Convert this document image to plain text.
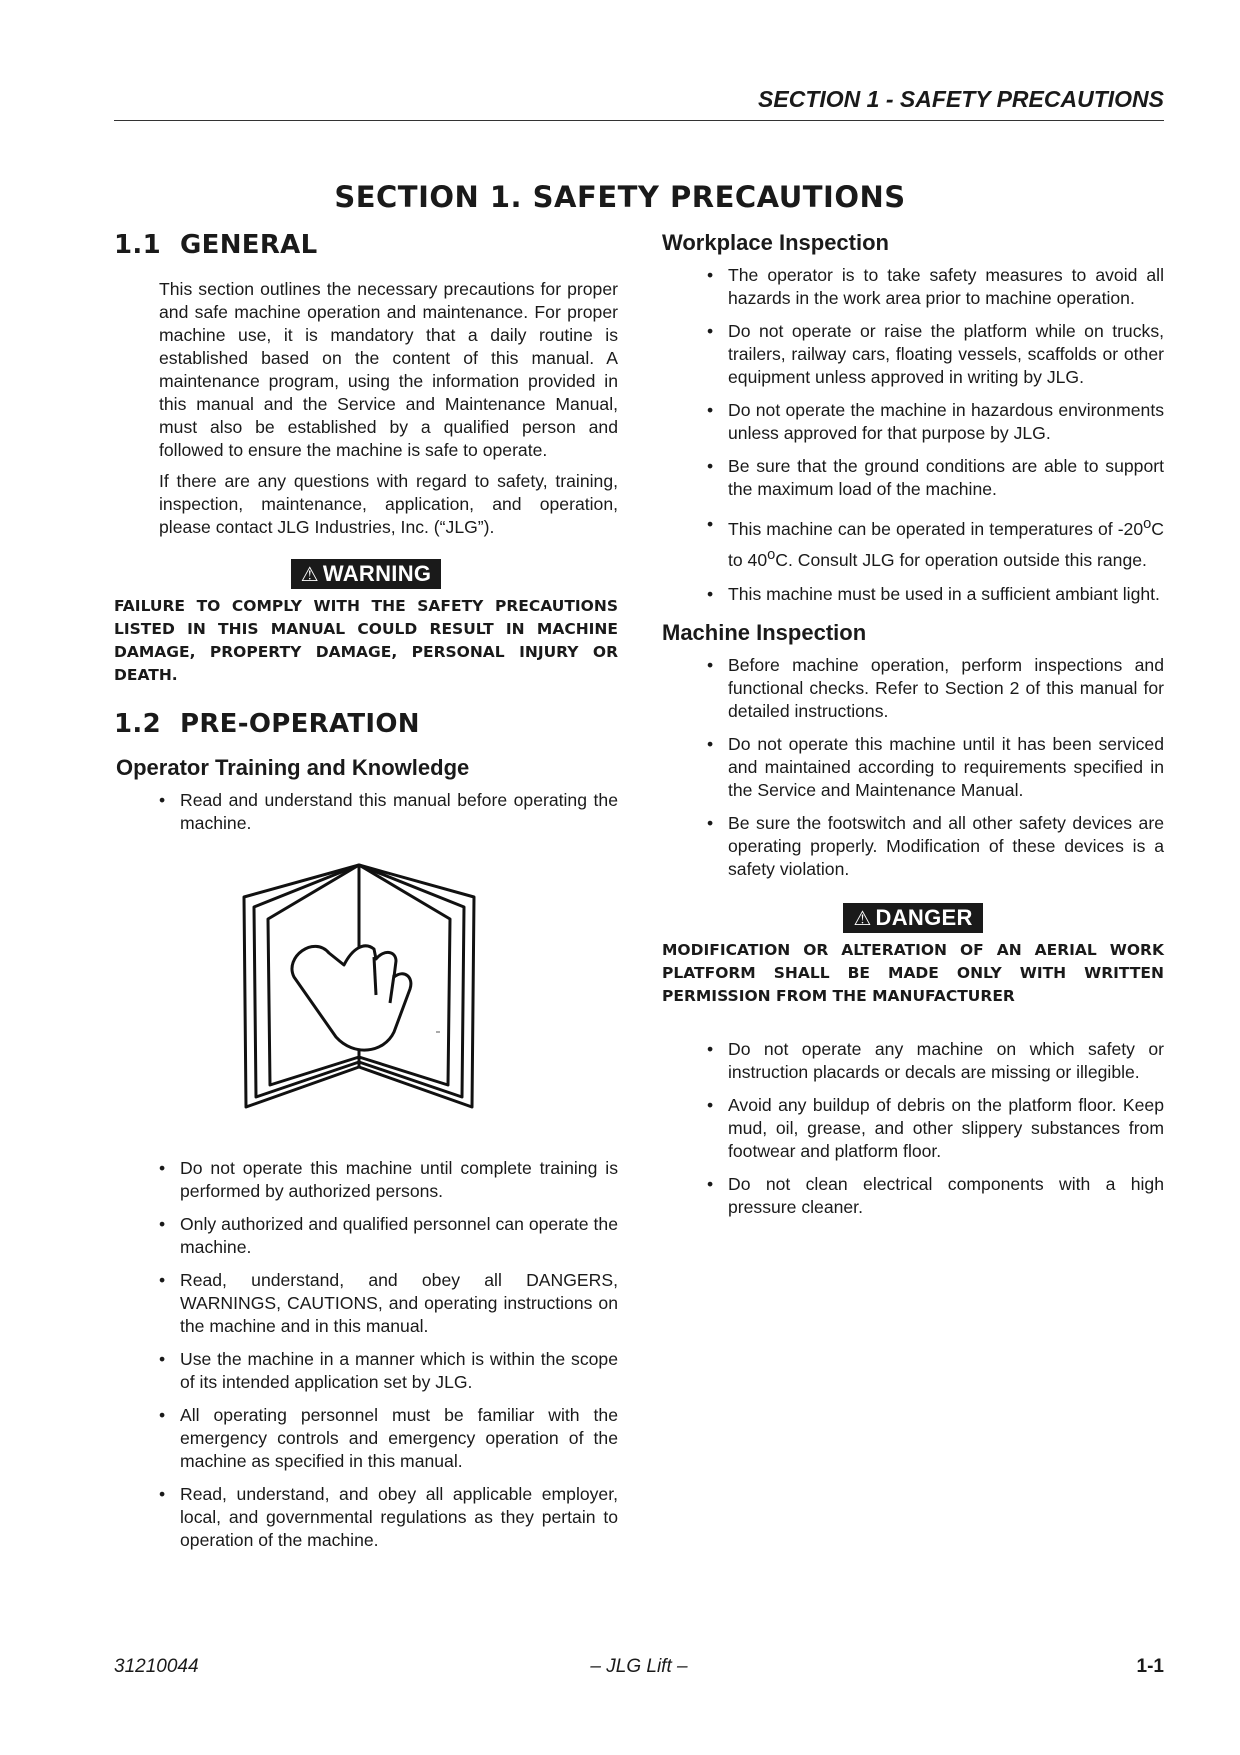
SECTION 1 - SAFETY PRECAUTIONS
SECTION 1. SAFETY PRECAUTIONS
1.1 GENERAL

This section outlines the necessary precautions for proper and safe machine operation and maintenance. For proper machine use, it is mandatory that a daily routine is established based on the content of this manual. A maintenance program, using the information provided in this manual and the Service and Maintenance Manual, must also be established by a qualified person and followed to ensure the machine is safe to operate.

If there are any questions with regard to safety, training, inspection, maintenance, application, and operation, please contact JLG Industries, Inc. (“JLG”).

⚠ WARNING

FAILURE TO COMPLY WITH THE SAFETY PRECAUTIONS LISTED IN THIS MANUAL COULD RESULT IN MACHINE DAMAGE, PROPERTY DAMAGE, PERSONAL INJURY OR DEATH.

1.2 PRE-OPERATION
Operator Training and Knowledge
• Read and understand this manual before operating the machine.
• Do not operate this machine until complete training is performed by authorized persons.
• Only authorized and qualified personnel can operate the machine.
• Read, understand, and obey all DANGERS, WARNINGS, CAUTIONS, and operating instructions on the machine and in this manual.
• Use the machine in a manner which is within the scope of its intended application set by JLG.
• All operating personnel must be familiar with the emergency controls and emergency operation of the machine as specified in this manual.
• Read, understand, and obey all applicable employer, local, and governmental regulations as they pertain to operation of the machine.
Workplace Inspection
• The operator is to take safety measures to avoid all hazards in the work area prior to machine operation.
• Do not operate or raise the platform while on trucks, trailers, railway cars, floating vessels, scaffolds or other equipment unless approved in writing by JLG.
• Do not operate the machine in hazardous environments unless approved for that purpose by JLG.
• Be sure that the ground conditions are able to support the maximum load of the machine.
• This machine can be operated in temperatures of -20$^o$C to 40$^o$C. Consult JLG for operation outside this range.
• This machine must be used in a sufficient ambiant light.
Machine Inspection
• Before machine operation, perform inspections and functional checks. Refer to Section 2 of this manual for detailed instructions.
• Do not operate this machine until it has been serviced and maintained according to requirements specified in the Service and Maintenance Manual.
• Be sure the footswitch and all other safety devices are operating properly. Modification of these devices is a safety violation.
⚠ DANGER

MODIFICATION OR ALTERATION OF AN AERIAL WORK PLATFORM SHALL BE MADE ONLY WITH WRITTEN PERMISSION FROM THE MANUFACTURER

• Do not operate any machine on which safety or instruction placards or decals are missing or illegible.
• Avoid any buildup of debris on the platform floor. Keep mud, oil, grease, and other slippery substances from footwear and platform floor.
• Do not clean electrical components with a high pressure cleaner.
31210044	– JLG Lift –	1-1
